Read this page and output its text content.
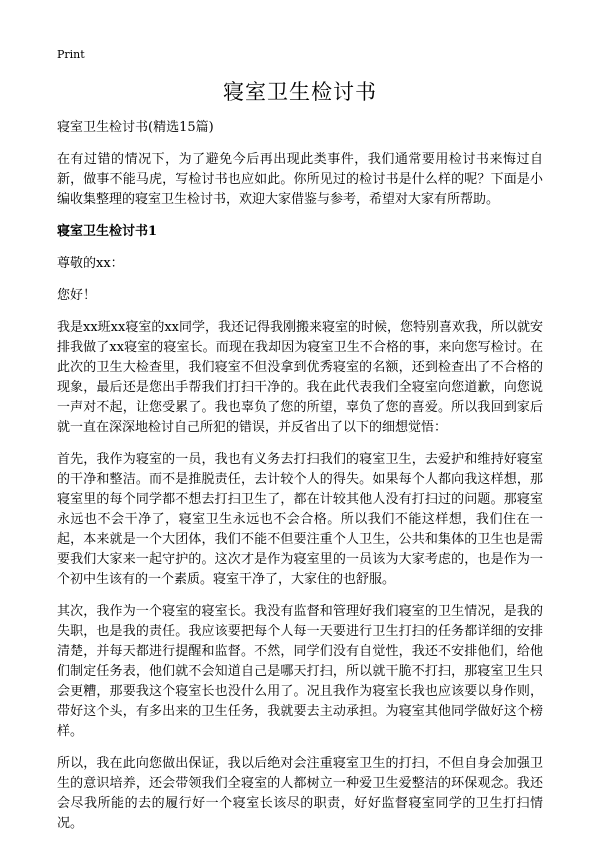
Print
寝室卫生检讨书

寝室卫生检讨书(精选15篇)

在有过错的情况下，为了避免今后再出现此类事件，我们通常要用检讨书来悔过自新，做事不能马虎，写检讨书也应如此。你所见过的检讨书是什么样的呢？下面是小编收集整理的寝室卫生检讨书，欢迎大家借鉴与参考，希望对大家有所帮助。

寝室卫生检讨书1

尊敬的xx：

您好！

我是xx班xx寝室的xx同学，我还记得我刚搬来寝室的时候，您特别喜欢我，所以就安排我做了xx寝室的寝室长。而现在我却因为寝室卫生不合格的事，来向您写检讨。在此次的卫生大检查里，我们寝室不但没拿到优秀寝室的名额，还到检查出了不合格的现象，最后还是您出手帮我们打扫干净的。我在此代表我们全寝室向您道歉，向您说一声对不起，让您受累了。我也辜负了您的所望，辜负了您的喜爱。所以我回到家后就一直在深深地检讨自己所犯的错误，并反省出了以下的细想觉悟：

首先，我作为寝室的一员，我也有义务去打扫我们的寝室卫生，去爱护和维持好寝室的干净和整洁。而不是推脱责任，去计较个人的得失。如果每个人都向我这样想，那寝室里的每个同学都不想去打扫卫生了，都在计较其他人没有打扫过的问题。那寝室永远也不会干净了，寝室卫生永远也不会合格。所以我们不能这样想，我们住在一起，本来就是一个大团体，我们不能不但要注重个人卫生，公共和集体的卫生也是需要我们大家来一起守护的。这次才是作为寝室里的一员该为大家考虑的，也是作为一个初中生该有的一个素质。寝室干净了，大家住的也舒服。

其次，我作为一个寝室的寝室长。我没有监督和管理好我们寝室的卫生情况，是我的失职，也是我的责任。我应该要把每个人每一天要进行卫生打扫的任务都详细的安排清楚，并每天都进行提醒和监督。不然，同学们没有自觉性，我还不安排他们，给他们制定任务表，他们就不会知道自己是哪天打扫，所以就干脆不打扫，那寝室卫生只会更糟，那要我这个寝室长也没什么用了。况且我作为寝室长我也应该要以身作则，带好这个头，有多出来的卫生任务，我就要去主动承担。为寝室其他同学做好这个榜样。

所以，我在此向您做出保证，我以后绝对会注重寝室卫生的打扫，不但自身会加强卫生的意识培养，还会带领我们全寝室的人都树立一种爱卫生爱整洁的环保观念。我还会尽我所能的去的履行好一个寝室长该尽的职责，好好监督寝室同学的卫生打扫情况。
